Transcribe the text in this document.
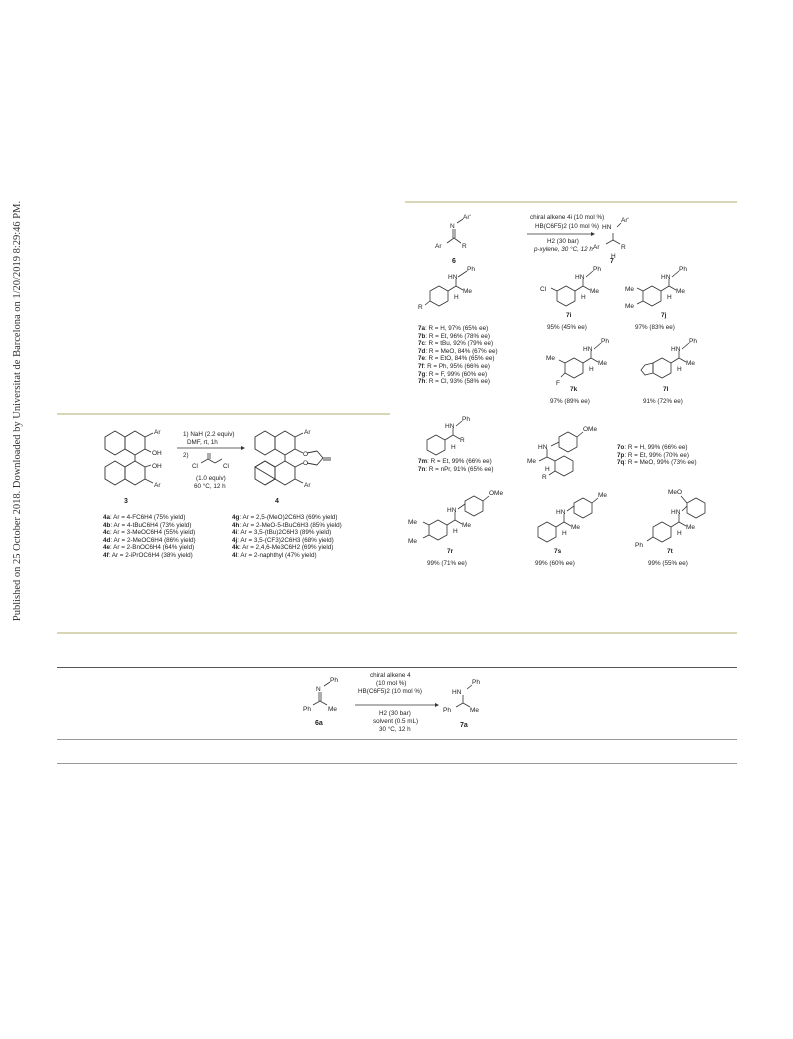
Published on 25 October 2018. Downloaded by Universitat de Barcelona on 1/20/2019 8:29:46 PM.	Ar
OH
OH
Ar
3
1) NaH (2.2 equiv)
DMF, rt, 1h
2)
Cl	Cl
(1.0 equiv)
60 °C, 12 h
Ar
O
O
Ar
4
4a: Ar = 4-FC6H4 (75% yield)
4b: Ar = 4-tBuC6H4 (73% yield)
4c: Ar = 3-MeOC6H4 (55% yield)
4d: Ar = 2-MeOC6H4 (86% yield)
4e: Ar = 2-BnOC6H4 (64% yield)
4f: Ar = 2-iPrOC6H4 (38% yield)
4g: Ar = 2,5-(MeO)2C6H3 (69% yield)
4h: Ar = 2-MeO-5-tBuC6H3 (85% yield)
4i: Ar = 3,5-(tBu)2C6H3 (89% yield)
4j: Ar = 3,5-(CF3)2C6H3 (68% yield)
4k: Ar = 2,4,6-Me3C6H2 (69% yield)
4l: Ar = 2-naphthyl (47% yield)
N
Ar'
Ar	R
6
chiral alkene 4i (10 mol %)
HB(C6F5)2 (10 mol %)
H2 (30 bar)
p-xylene, 30 °C, 12 h
HN
Ar'
Ar	R
H
7
HN
Ph
Me
H
R
HN
Ph
Me
H
Cl
7i
95% (45% ee)
HN
Ph
Me
H
Me
Me
7j
97% (83% ee)
HN
Ph
Me
H
Me
F
7k
97% (89% ee)
HN
Ph
Me
H
7l
91% (72% ee)
HN
Ph
R
H	HN
OMe
Me
H
R
HN
OMe
Me
H
Me
Me
7r
99% (71% ee)
HN
Me
Me
H
7s
99% (60% ee)
HN
MeO
Me
H
Ph
7t
99% (55% ee)
7a: R = H, 97% (65% ee)
7b: R = Et, 96% (78% ee)
7c: R = tBu, 92% (79% ee)
7d: R = MeO, 84% (67% ee)
7e: R = EtO, 84% (65% ee)
7f: R = Ph, 95% (66% ee)
7g: R = F, 99% (60% ee)
7h: R = Cl, 93% (58% ee)
7m: R = Et, 99% (66% ee)
7n: R = nPr, 91% (65% ee)
7o: R = H, 99% (66% ee)
7p: R = Et, 99% (70% ee)
7q: R = MeO, 99% (73% ee)
N
Ph
Ph	Me
6a
chiral alkene 4
(10 mol %)
HB(C6F5)2 (10 mol %)
H2 (30 bar)
solvent (0.5 mL)
30 °C, 12 h
HN
Ph
Ph	Me
7a
